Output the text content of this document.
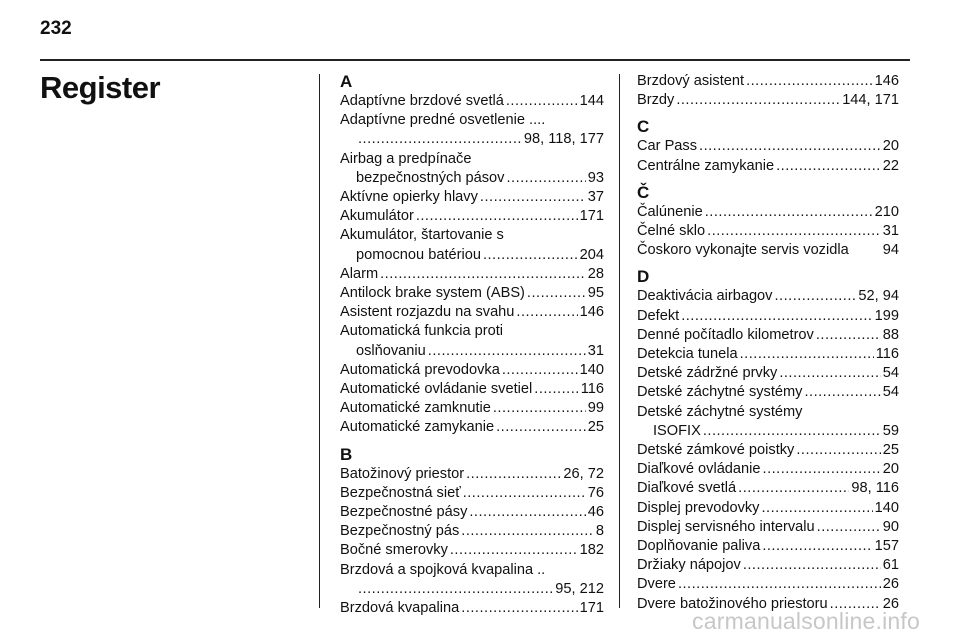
232
Register	A
Adaptívne brzdové svetlá .....	144
Adaptívne predné osvetlenie ....
.....
98, 118, 177
Airbag a predpínače
bezpečnostných pásov .....	93
Aktívne opierky hlavy .....	37
Akumulátor .....	171
Akumulátor, štartovanie s
pomocnou batériou .....	204
Alarm .....	28
Antilock brake system (ABS) .....	95
Asistent rozjazdu na svahu .....	146
Automatická funkcia proti
oslňovaniu .....	31
Automatická prevodovka .....	140
Automatické ovládanie svetiel .....	116
Automatické zamknutie .....	99
Automatické zamykanie .....	25
B
Batožinový priestor .....	26, 72
Bezpečnostná sieť .....	76
Bezpečnostné pásy .....	46
Bezpečnostný pás .....	8
Bočné smerovky .....	182
Brzdová a spojková kvapalina ..
.....
95, 212
Brzdová kvapalina .....	171
Brzdový asistent .....	146
Brzdy .....	144, 171
C
Car Pass .....	20
Centrálne zamykanie .....	22
Č
Čalúnenie .....	210
Čelné sklo .....	31
Čoskoro vykonajte servis vozidla 94
D
Deaktivácia airbagov .....	52, 94
Defekt .....	199
Denné počítadlo kilometrov .....	88
Detekcia tunela .....	116
Detské zádržné prvky .....	54
Detské záchytné systémy .....	54
Detské záchytné systémy
ISOFIX .....	59
Detské zámkové poistky .....	25
Diaľkové ovládanie .....	20
Diaľkové svetlá .....	98, 116
Displej prevodovky .....	140
Displej servisného intervalu .....	90
Doplňovanie paliva .....	157
Držiaky nápojov .....	61
Dvere .....	26
Dvere batožinového priestoru .....	26
carmanualsonline.info
